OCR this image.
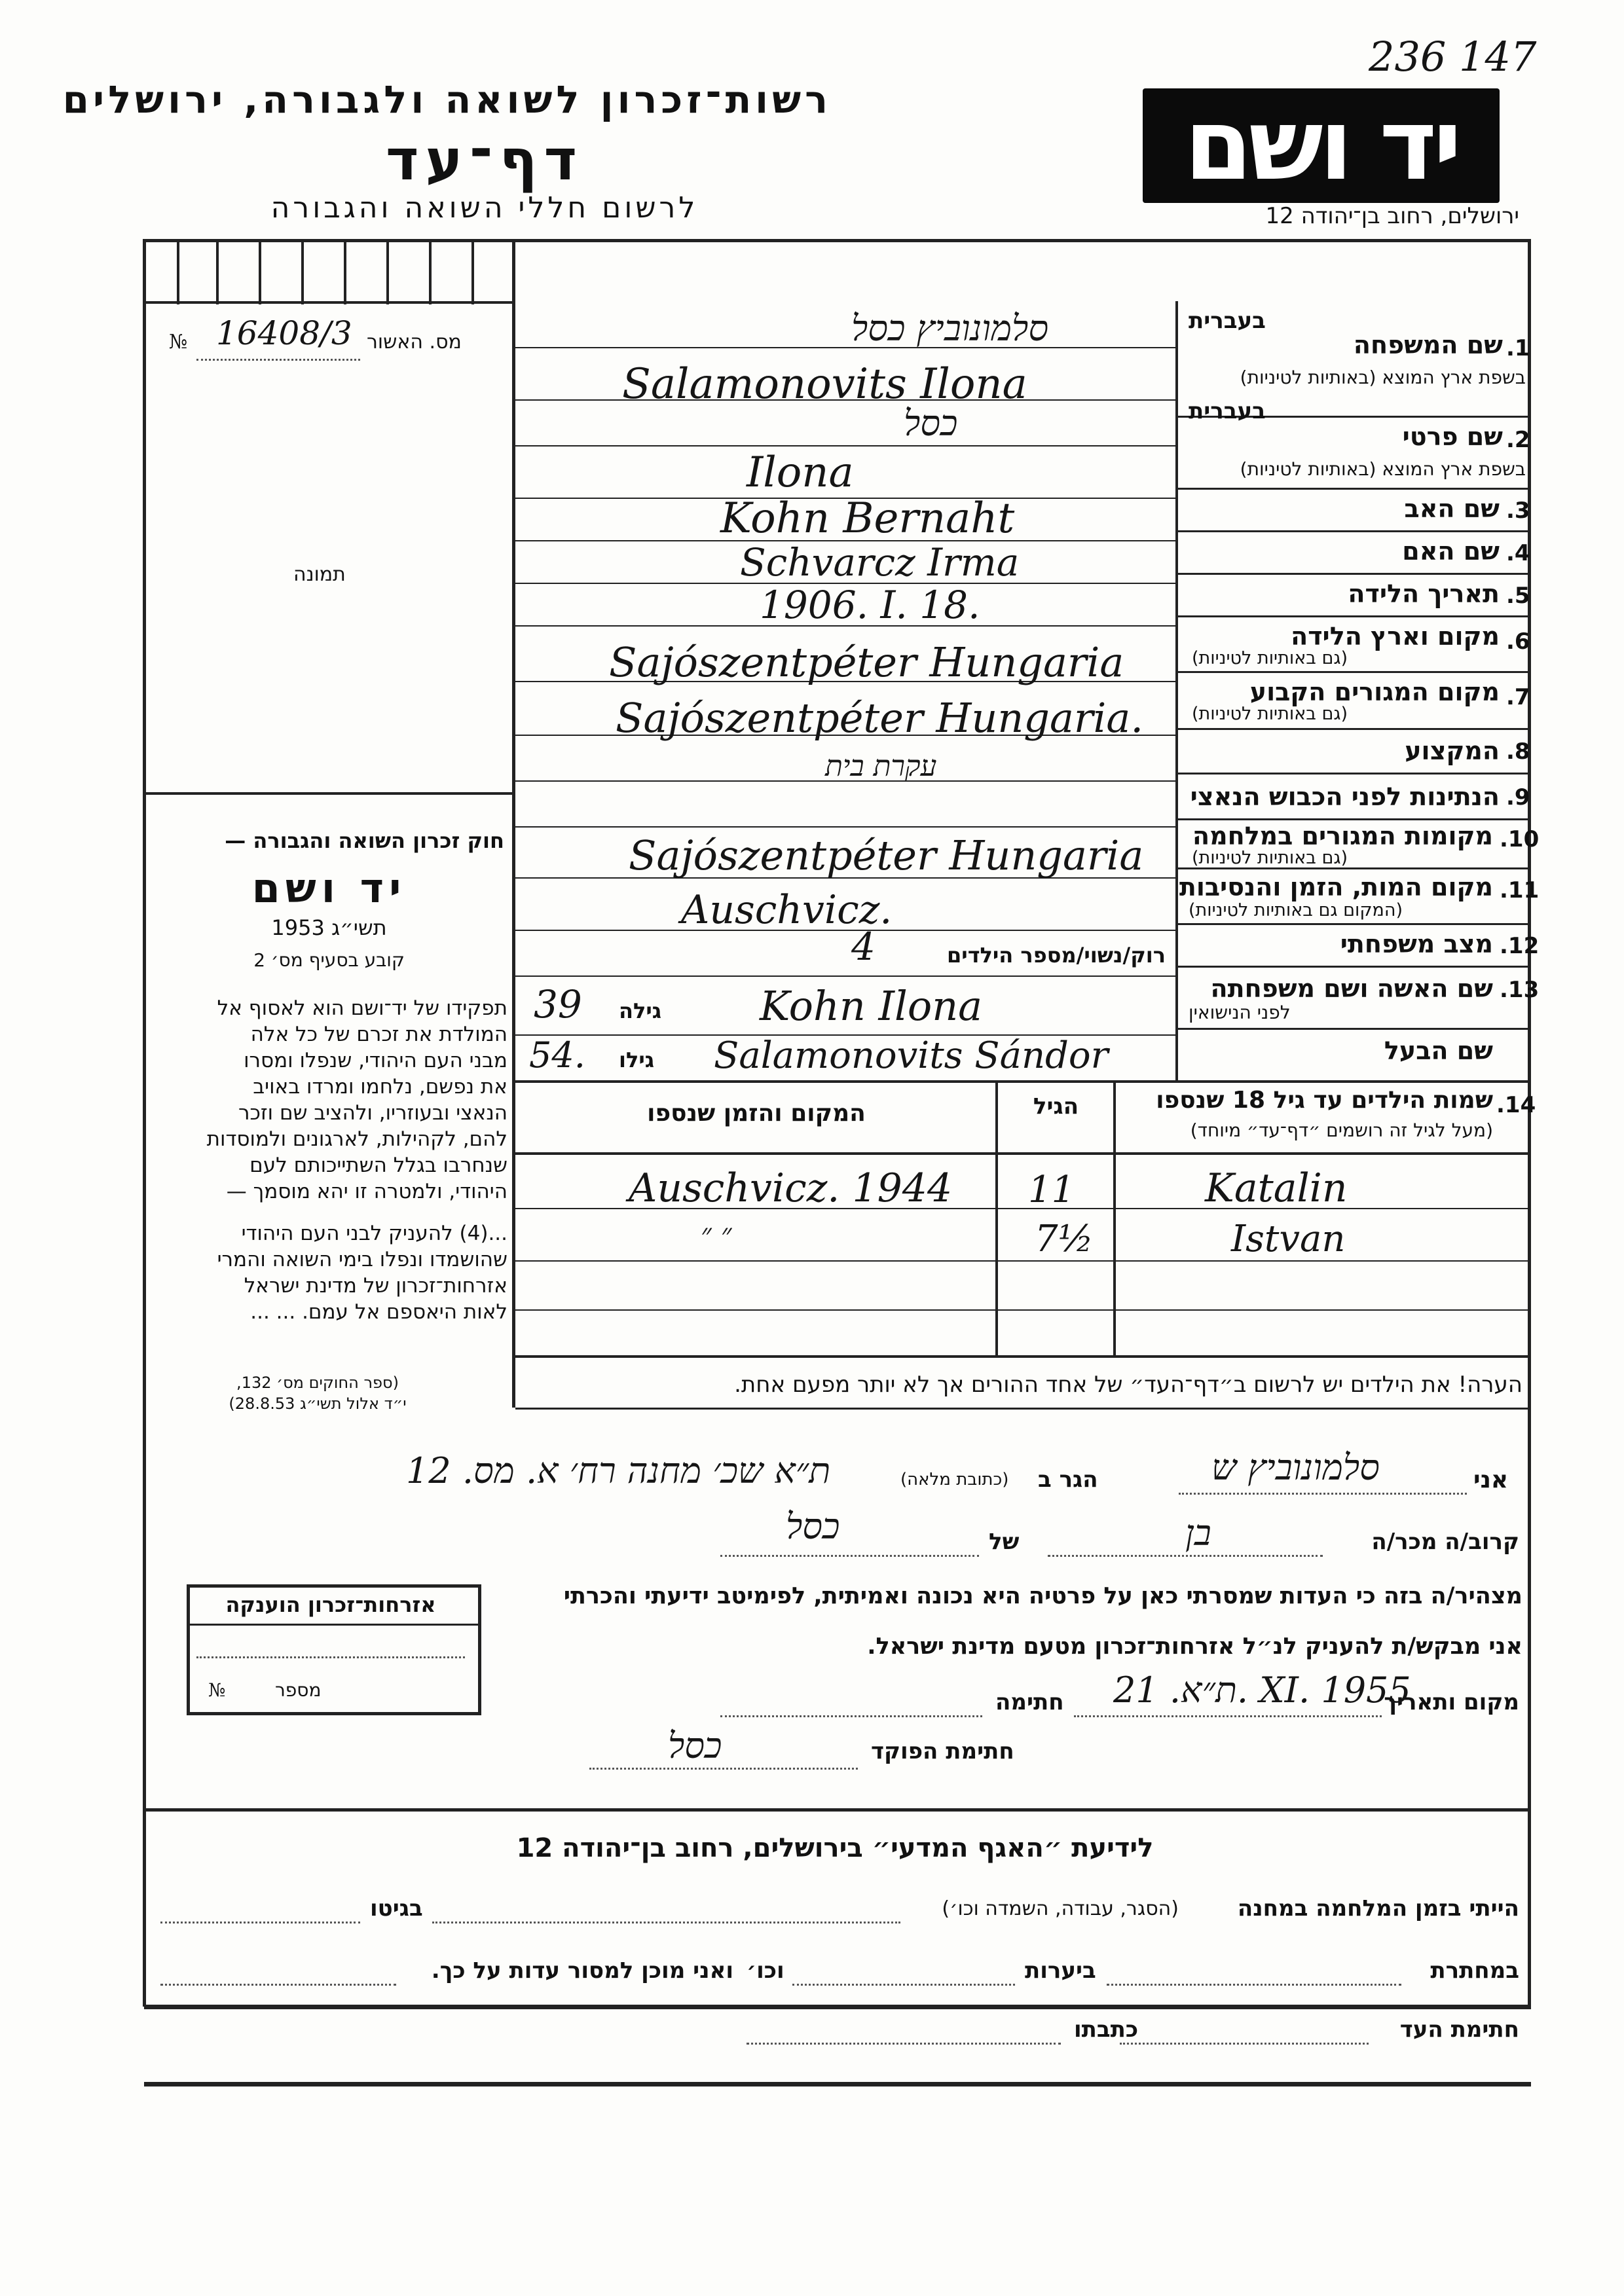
236 147
רשות־זכרון לשואה ולגבורה, ירושלים
דף־עד
לרשום חללי השואה והגבורה
יד ושם
ירושלים, רחוב בן־יהודה 12
מס. האשור
№ 16408/3
תמונה
חוק זכרון השואה והגבורה —
יד ושם
תשי״ג 1953
קובע בסעיף מס׳ 2
תפקידו של יד־ושם הוא לאסוף אל
המולדת את זכרם של כל אלה
מבני העם היהודי, שנפלו ומסרו
את נפשם, נלחמו ומרדו באויב
הנאצי ובעוזריו, ולהציב שם וזכר
להם, לקהילות, לארגונים ולמוסדות
שנחרבו בגלל השתייכותם לעם
היהודי, ולמטרה זו יהא מוסמך —
...(4) להעניק לבני העם היהודי
שהושמדו ונפלו בימי השואה והמרי
אזרחות־זכרון של מדינת ישראל
לאות היאספם אל עמם. ... ...
(ספר החוקים מס׳ 132,
י״ד אלול תשי״ג 28.8.53)
1.
שם המשפחה
בעברית
בשפת ארץ המוצא (באותיות לטיניות)
סלמונוביץ כסל
Salamonovits Ilona
2.
שם פרטי
בעברית
בשפת ארץ המוצא (באותיות לטיניות)
כסל
Ilona
3.
שם האב
Kohn Bernaht
4.
שם האם
Schvarcz Irma
5.
תאריך הלידה
1906. I. 18.
6.
מקום וארץ הלידה
(גם באותיות לטיניות)
Sajószentpéter Hungaria
7.
מקום המגורים הקבוע
(גם באותיות לטיניות)
Sajószentpéter Hungaria.
8.
המקצוע
עקרת בית
9.
הנתינות לפני הכבוש הנאצי
10.
מקומות המגורים במלחמה
(גם באותיות לטיניות)
Sajószentpéter Hungaria
11.
מקום המות, הזמן והנסיבות
(המקום גם באותיות לטיניות)
Auschvicz.
12.
מצב משפחתי
רוק/נשוי/מספר הילדים
4
13.
שם האשה ושם משפחתה
לפני הנישואין
גילה
39	Kohn Ilona
שם הבעל
גילו
54.	Salamonovits Sándor
14.
שמות הילדים עד גיל 18 שנספו
(מעל לגיל זה רושמים ״דף־עד״ מיוחד)
הגיל
המקום והזמן שנספו
Katalin
11
Auschvicz. 1944
Istvan
7½
״ ״
הערה! את הילדים יש לרשום ב״דף־העד״ של אחד ההורים אך לא יותר מפעם אחת.
אני
סלמונוביץ ש
הגר ב
(כתובת מלאה)
ת״א שכ׳ מחנה רח׳ א. מס. 12
קרוב/ה מכר/ה
בן
של
כסל
מצהיר/ה בזה כי העדות שמסרתי כאן על פרטיה היא נכונה ואמיתית, לפימיטב ידיעתי והכרתי
אני מבקש/ת להעניק לנ״ל אזרחות־זכרון מטעם מדינת ישראל.
מקום ותאריך
ת״א. 21. XI. 1955
חתימה
חתימת הפוקד
כסל
אזרחות־זכרון הוענקה
מספר
№
לידיעת ״האגף המדעי״ בירושלים, רחוב בן־יהודה 12
הייתי בזמן המלחמה במחנה
(הסגר, עבודה, השמדה וכו׳)
בגיטו
במחתרת
ביערות
וכו׳
ואני מוכן למסור עדות על כך.
חתימת העד
כתבתו
